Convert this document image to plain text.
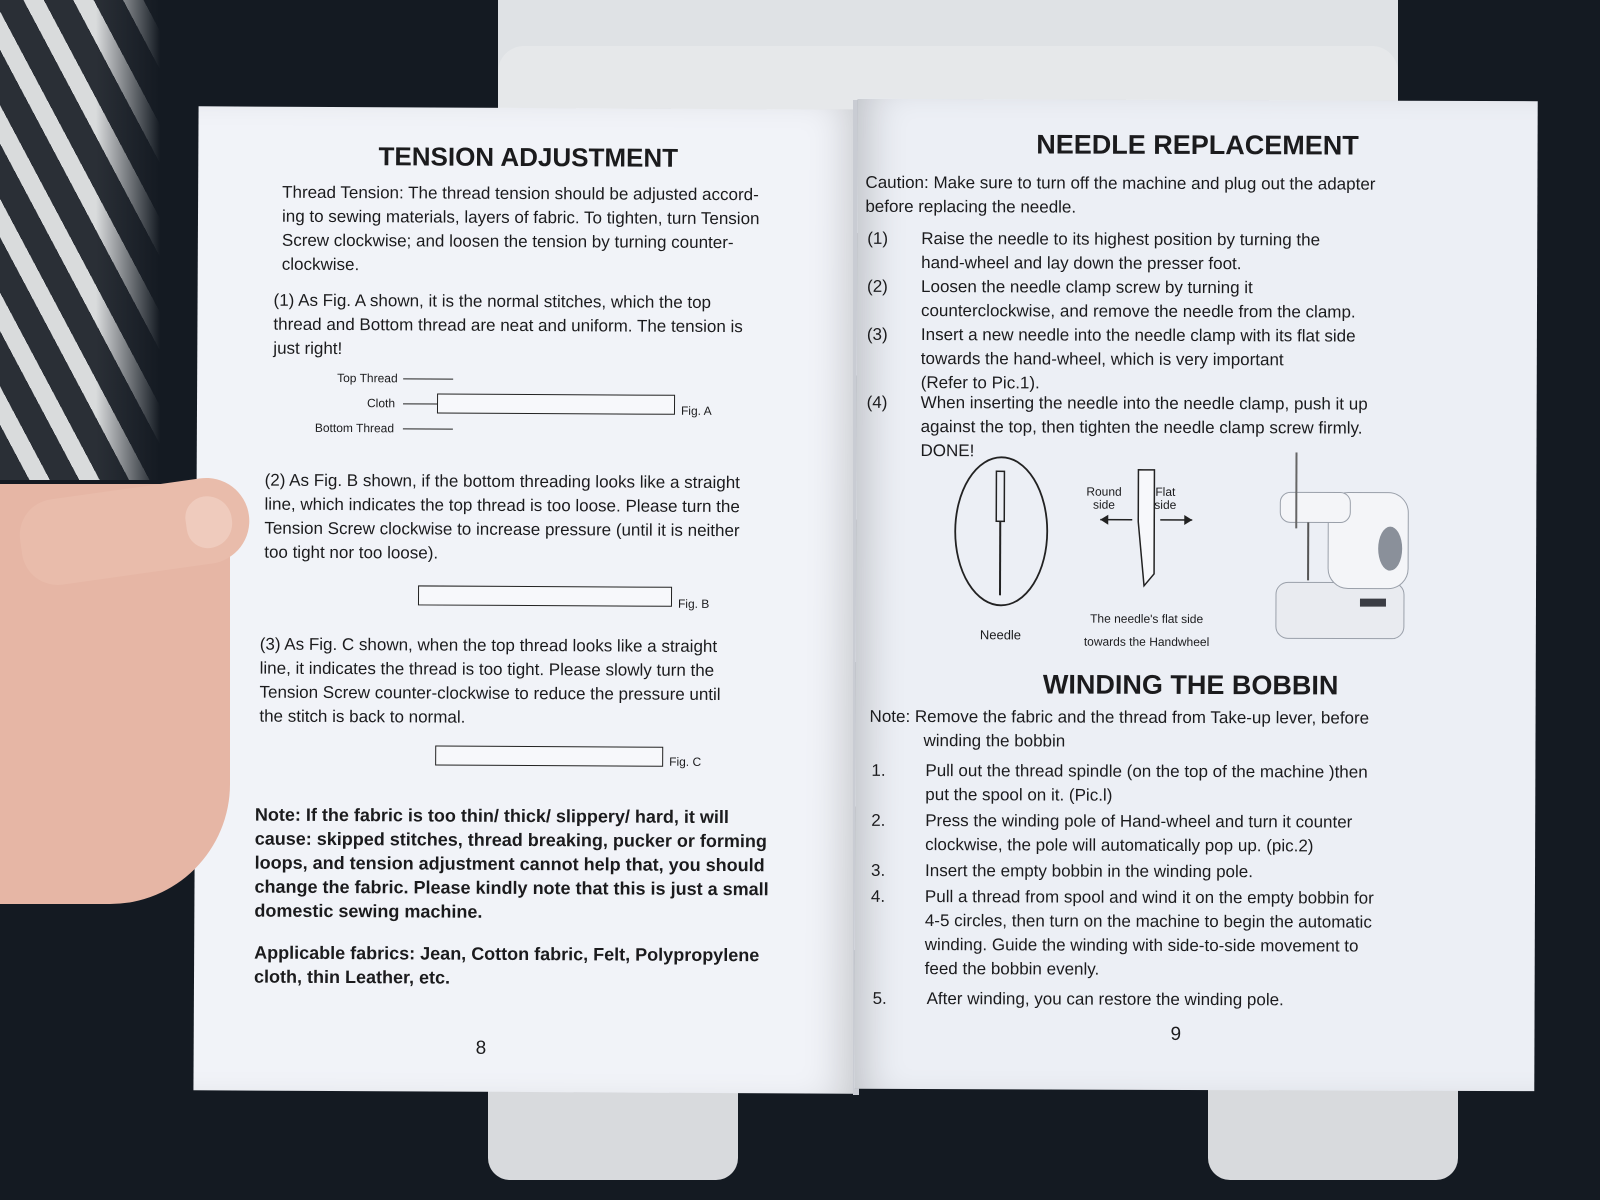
TENSION ADJUSTMENT

Thread Tension: The thread tension should be adjusted accord-

ing to sewing materials, layers of fabric. To tighten, turn Tension

Screw clockwise; and loosen the tension by turning counter-

clockwise.

(1) As Fig. A shown, it is the normal stitches, which the top

thread and Bottom thread are neat and uniform. The tension is

just right!

Top Thread
Cloth
Bottom Thread
Fig. A

(2) As Fig. B shown, if the bottom threading looks like a straight

line, which indicates the top thread is too loose. Please turn the

Tension Screw clockwise to increase pressure (until it is neither

too tight nor too loose).

Fig. B

(3) As Fig. C shown, when the top thread looks like a straight

line, it indicates the thread is too tight. Please slowly turn the

Tension Screw counter-clockwise to reduce the pressure until

the stitch is back to normal.

Fig. C

Note: If the fabric is too thin/ thick/ slippery/ hard, it will

cause: skipped stitches, thread breaking, pucker or forming

loops, and tension adjustment cannot help that, you should

change the fabric. Please kindly note that this is just a small

domestic sewing machine.

Applicable fabrics: Jean, Cotton fabric, Felt, Polypropylene

cloth, thin Leather, etc.

8
NEEDLE REPLACEMENT

Caution: Make sure to turn off the machine and plug out the adapter

before replacing the needle.

(1) Raise the needle to its highest position by turning the

hand-wheel and lay down the presser foot.

(2) Loosen the needle clamp screw by turning it

counterclockwise, and remove the needle from the clamp.

(3) Insert a new needle into the needle clamp with its flat side

towards the hand-wheel, which is very important

(Refer to Pic.1).

(4) When inserting the needle into the needle clamp, push it up

against the top, then tighten the needle clamp screw firmly.

DONE!

Needle
Round
side
Flat
side
The needle's flat side
towards the Handwheel
WINDING THE BOBBIN

Note: Remove the fabric and the thread from Take-up lever, before

winding the bobbin

1. Pull out the thread spindle (on the top of the machine )then

put the spool on it. (Pic.l)

2. Press the winding pole of Hand-wheel and turn it counter

clockwise, the pole will automatically pop up. (pic.2)

3. Insert the empty bobbin in the winding pole.

4. Pull a thread from spool and wind it on the empty bobbin for

4-5 circles, then turn on the machine to begin the automatic

winding. Guide the winding with side-to-side movement to

feed the bobbin evenly.

5. After winding, you can restore the winding pole.

9
